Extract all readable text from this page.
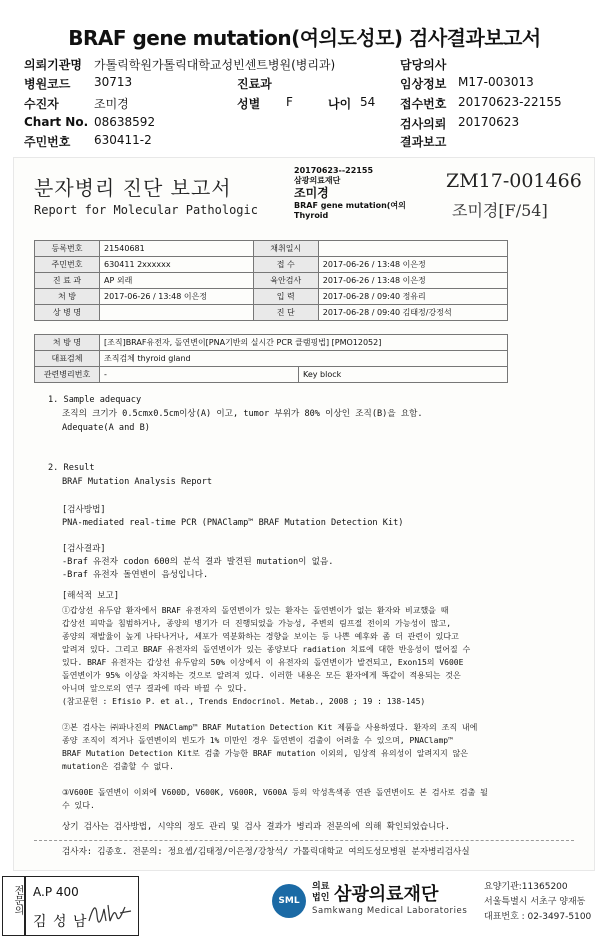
BRAF gene mutation(여의도성모) 검사결과보고서
의뢰기관명 가톨릭학원가톨릭대학교성빈센트병원(병리과)	담당의사
병원코드 30713	진료과	임상정보 M17-003013
수진자	조미경	성별 F	나이 54 접수번호 20170623-22155
Chart No. 08638592	검사의뢰 20170623
주민번호 630411-2	결과보고
분자병리 진단 보고서
Report for Molecular Pathologic
20170623--22155
삼광의료재단
조미경
BRAF gene mutation(여의
Thyroid
ZM17-001466
조미경[F/54]
등록번호	21540681	채취일시	
주민번호	630411 2xxxxxx	접 수	2017-06-26 / 13:48 이은정
진 료 과	AP 외래	육안검사	2017-06-26 / 13:48 이은정
처 방	2017-06-26 / 13:48 이은정	입 력	2017-06-28 / 09:40 정유리
상 병 명		진 단	2017-06-28 / 09:40 김태정/강정석
처 방 명	[조직]BRAF유전자, 돌연변이[PNA기반의 실시간 PCR 클램핑법] [PMO12052]	
대표검체	조직검체 thyroid gland	
관련병리번호	-	Key block
1. Sample adequacy
조직의 크기가 0.5cmx0.5cm이상(A) 이고, tumor 부위가 80% 이상인 조직(B)을 요함.
Adequate(A and B)
2. Result
BRAF Mutation Analysis Report
[검사방법]
PNA-mediated real-time PCR (PNAClamp™ BRAF Mutation Detection Kit)
[검사결과]
-Braf 유전자 codon 600의 분석 결과 발견된 mutation이 없음.
-Braf 유전자 돌연변이 음성입니다.
[해석적 보고]
①갑상선 유두암 환자에서 BRAF 유전자의 돌연변이가 있는 환자는 돌연변이가 없는 환자와 비교했을 때
갑상선 피막을 침범하거나, 종양의 병기가 더 진행되었을 가능성, 주변의 림프절 전이의 가능성이 많고,
종양의 재발율이 높게 나타나거나, 세포가 역분화하는 경향을 보이는 등 나쁜 예후와 좀 더 관련이 있다고
알려져 있다. 그리고 BRAF 유전자의 돌연변이가 있는 종양보다 radiation 치료에 대한 반응성이 떨어질 수
있다. BRAF 유전자는 갑상선 유두암의 50% 이상에서 이 유전자의 돌연변이가 발견되고, Exon15의 V600E
돌연변이가 95% 이상을 차지하는 것으로 알려져 있다. 이러한 내용은 모든 환자에게 똑같이 적용되는 것은
아니며 앞으로의 연구 결과에 따라 바뀔 수 있다.
(참고문헌 : Efisio P. et al., Trends Endocrinol. Metab., 2008 ; 19 : 138-145)
②본 검사는 ㈜파나진의 PNAClamp™ BRAF Mutation Detection Kit 제품을 사용하였다. 환자의 조직 내에
종양 조직이 적거나 돌연변이의 빈도가 1% 미만인 경우 돌연변이 검출이 어려울 수 있으며, PNAClamp™
BRAF Mutation Detection Kit로 검출 가능한 BRAF mutation 이외의, 임상적 유의성이 알려지지 않은
mutation은 검출할 수 없다.
③V600E 돌연변이 이외에 V600D, V600K, V600R, V600A 등의 악성흑색종 연관 돌연변이도 본 검사로 검출 될
수 있다.
상기 검사는 검사방법, 시약의 정도 관리 및 검사 결과가 병리과 전문의에 의해 확인되었습니다.
검사자: 김종호. 전문의: 정요셉/김태정/이은정/강창석/ 가톨릭대학교 여의도성모병원 분자병리검사실
전문의 A.P 400
김 성 남
SML
의료
법인 삼광의료재단
Samkwang Medical Laboratories
요양기관:11365200
서울특별시 서초구 양재동
대표번호 : 02-3497-5100
